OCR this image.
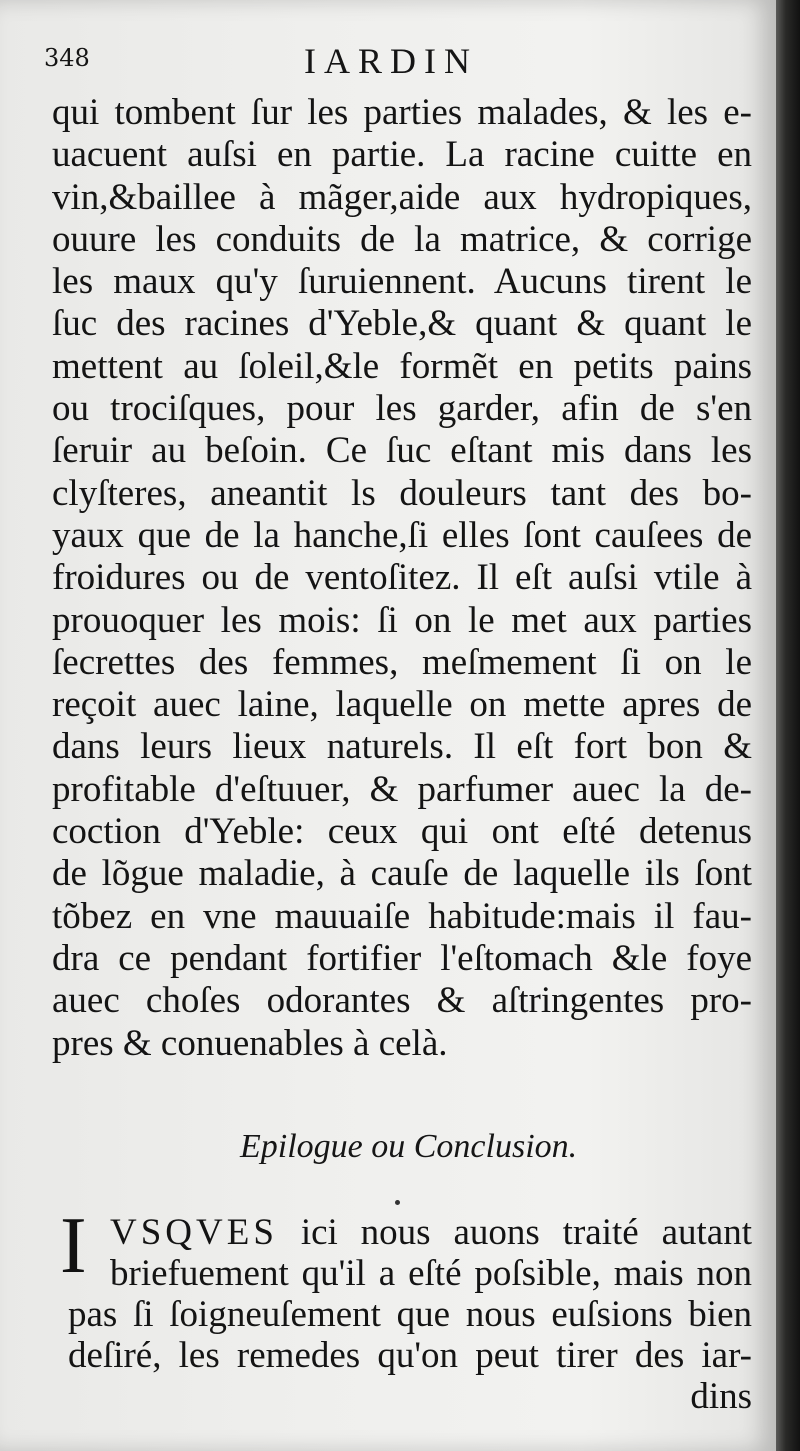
348	IARDIN
qui tombent ſur les parties malades, & les e-
uacuent auſsi en partie. La racine cuitte en
vin,&baillee à mãger,aide aux hydropiques,
ouure les conduits de la matrice, & corrige
les maux qu'y ſuruiennent. Aucuns tirent le
ſuc des racines d'Yeble,& quant & quant le
mettent au ſoleil,&le formẽt en petits pains
ou trociſques, pour les garder, afin de s'en
ſeruir au beſoin. Ce ſuc eſtant mis dans les
clyſteres, aneantit ls douleurs tant des bo-
yaux que de la hanche,ſi elles ſont cauſees de
froidures ou de ventoſitez. Il eſt auſsi vtile à
prouoquer les mois: ſi on le met aux parties
ſecrettes des femmes, meſmement ſi on le
reçoit auec laine, laquelle on mette apres de
dans leurs lieux naturels. Il eſt fort bon &
profitable d'eſtuuer, & parfumer auec la de-
coction d'Yeble: ceux qui ont eſté detenus
de lõgue maladie, à cauſe de laquelle ils ſont
tõbez en vne mauuaiſe habitude:mais il fau-
dra ce pendant fortifier l'eſtomach &le foye
auec choſes odorantes & aſtringentes pro-
pres & conuenables à celà.
Epilogue ou Conclusion.
I VSQVES ici nous auons traité autant
briefuement qu'il a eſté poſsible, mais non
pas ſi ſoigneuſement que nous euſsions bien
deſiré, les remedes qu'on peut tirer des iar-
dins
